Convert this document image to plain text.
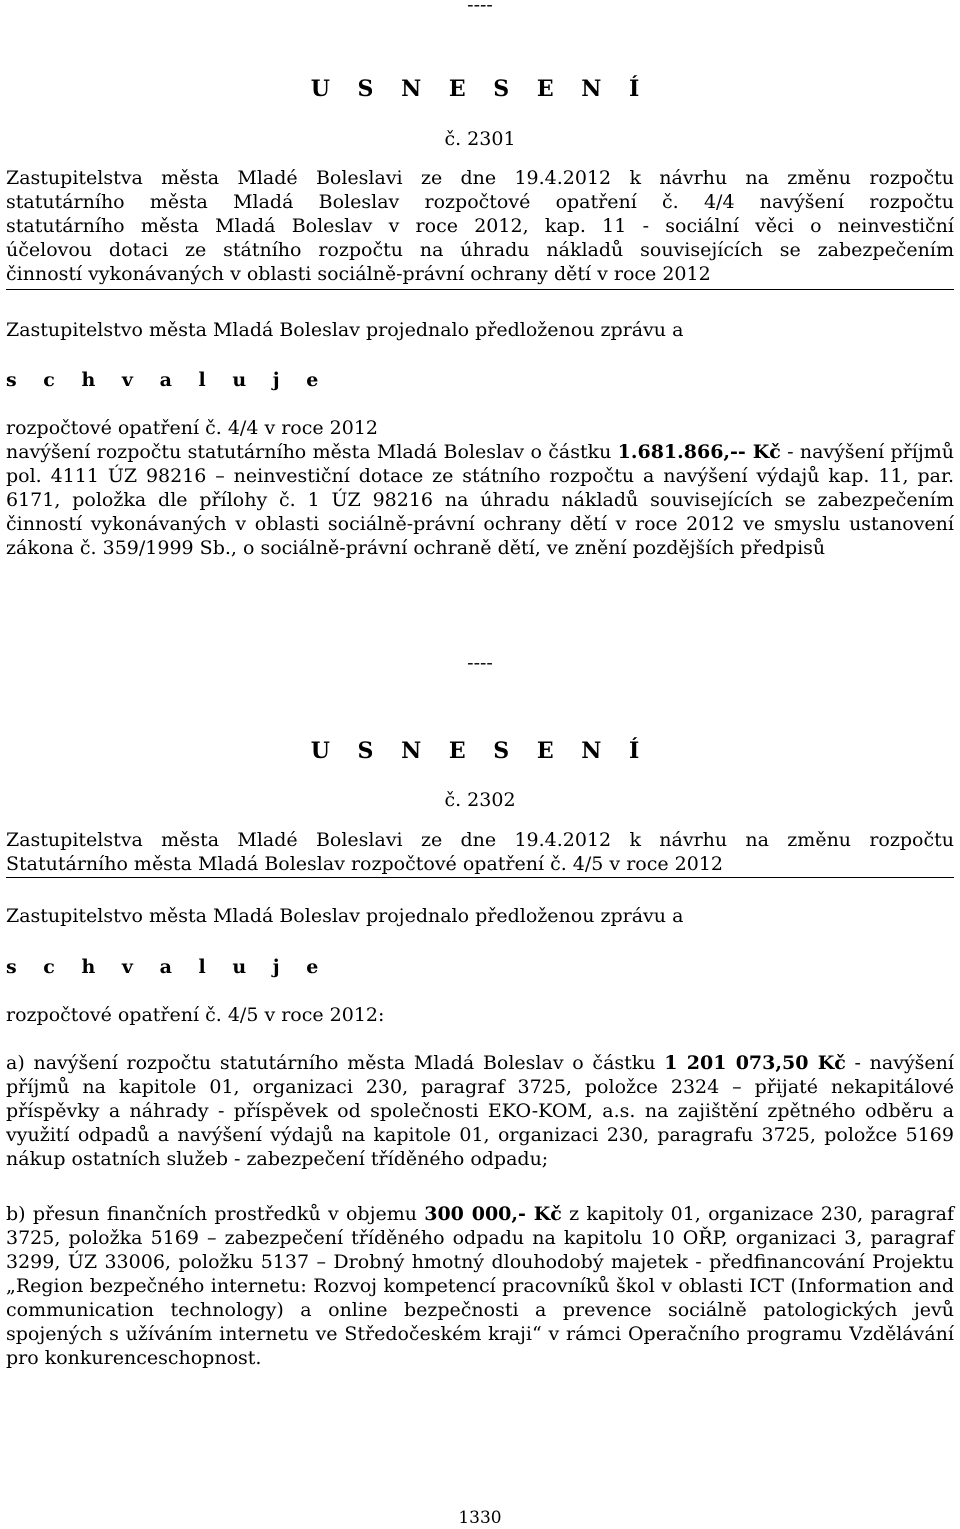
----
U S N E S E N Í
č. 2301
Zastupitelstva města Mladé Boleslavi ze dne 19.4.2012 k návrhu na změnu rozpočtu
statutárního města Mladá Boleslav rozpočtové opatření č. 4/4 navýšení rozpočtu
statutárního města Mladá Boleslav v roce 2012, kap. 11 - sociální věci o neinvestiční
účelovou dotaci ze státního rozpočtu na úhradu nákladů souvisejících se zabezpečením
činností vykonávaných v oblasti sociálně-právní ochrany dětí v roce 2012
Zastupitelstvo města Mladá Boleslav projednalo předloženou zprávu a
s c h v a l u j e
rozpočtové opatření č. 4/4 v roce 2012
navýšení rozpočtu statutárního města Mladá Boleslav o částku 1.681.866,-- Kč - navýšení příjmů pol. 4111 ÚZ 98216 – neinvestiční dotace ze státního rozpočtu a navýšení výdajů kap. 11, par. 6171, položka dle přílohy č. 1 ÚZ 98216 na úhradu nákladů souvisejících se zabezpečením činností vykonávaných v oblasti sociálně-právní ochrany dětí v roce 2012 ve smyslu ustanovení zákona č. 359/1999 Sb., o sociálně-právní ochraně dětí, ve znění pozdějších předpisů
----
U S N E S E N Í
č. 2302
Zastupitelstva města Mladé Boleslavi ze dne 19.4.2012 k návrhu na změnu rozpočtu
Statutárního města Mladá Boleslav rozpočtové opatření č. 4/5 v roce 2012
Zastupitelstvo města Mladá Boleslav projednalo předloženou zprávu a
s c h v a l u j e
rozpočtové opatření č. 4/5 v roce 2012:
a) navýšení rozpočtu statutárního města Mladá Boleslav o částku 1 201 073,50 Kč - navýšení příjmů na kapitole 01, organizaci 230, paragraf 3725, položce 2324 – přijaté nekapitálové příspěvky a náhrady - příspěvek od společnosti EKO-KOM, a.s. na zajištění zpětného odběru a využití odpadů a navýšení výdajů na kapitole 01, organizaci 230, paragrafu 3725, položce 5169 nákup ostatních služeb - zabezpečení tříděného odpadu;
b) přesun finančních prostředků v objemu 300 000,- Kč z kapitoly 01, organizace 230, paragraf 3725, položka 5169 – zabezpečení tříděného odpadu na kapitolu 10 OŘP, organizaci 3, paragraf 3299, ÚZ 33006, položku 5137 – Drobný hmotný dlouhodobý majetek - předfinancování Projektu „Region bezpečného internetu: Rozvoj kompetencí pracovníků škol v oblasti ICT (Information and communication technology) a online bezpečnosti a prevence sociálně patologických jevů spojených s užíváním internetu ve Středočeském kraji“ v rámci Operačního programu Vzdělávání pro konkurenceschopnost.
1330
